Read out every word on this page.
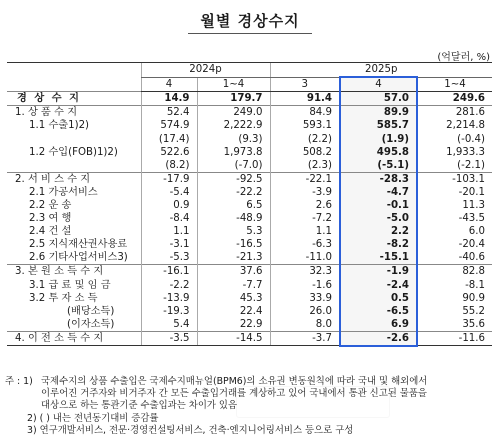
월별 경상수지
(억달러, %)
	2024p		2025p		
	4	1~4	3	4	1~4
경 상 수 지	14.9	179.7	91.4	57.0	249.6
1. 상 품 수 지	52.4	249.0	84.9	89.9	281.6
1.1 수출1)2)	574.9	2,222.9	593.1	585.7	2,214.8
	(17.4)	(9.3)	(2.2)	(1.9)	(-0.4)
1.2 수입(FOB)1)2)	522.6	1,973.8	508.2	495.8	1,933.3
	(8.2)	(-7.0)	(2.3)	(-5.1)	(-2.1)
2. 서 비 스 수 지	-17.9	-92.5	-22.1	-28.3	-103.1
2.1 가공서비스	-5.4	-22.2	-3.9	-4.7	-20.1
2.2 운 송	0.9	6.5	2.6	-0.1	11.3
2.3 여 행	-8.4	-48.9	-7.2	-5.0	-43.5
2.4 건 설	1.1	5.3	1.1	2.2	6.0
2.5 지식재산권사용료	-3.1	-16.5	-6.3	-8.2	-20.4
2.6 기타사업서비스3)	-5.3	-21.3	-11.0	-15.1	-40.6
3. 본 원 소 득 수 지	-16.1	37.6	32.3	-1.9	82.8
3.1 급 료 및 임 금	-2.2	-7.7	-1.6	-2.4	-8.1
3.2 투 자 소 득	-13.9	45.3	33.9	0.5	90.9
(배당소득)	-19.3	22.4	26.0	-6.5	55.2
(이자소득)	5.4	22.9	8.0	6.9	35.6
4. 이 전 소 득 수 지	-3.5	-14.5	-3.7	-2.6	-11.6
주 : 1) 국제수지의 상품 수출입은 국제수지매뉴얼(BPM6)의 소유권 변동원칙에 따라 국내 및 해외에서
이루어진 거주자와 비거주자 간 모든 수출입거래를 계상하고 있어 국내에서 통관 신고된 물품을
대상으로 하는 통관기준 수출입과는 차이가 있음
2) ( ) 내는 전년동기대비 증감률
3) 연구개발서비스, 전문·경영컨설팅서비스, 건축·엔지니어링서비스 등으로 구성
